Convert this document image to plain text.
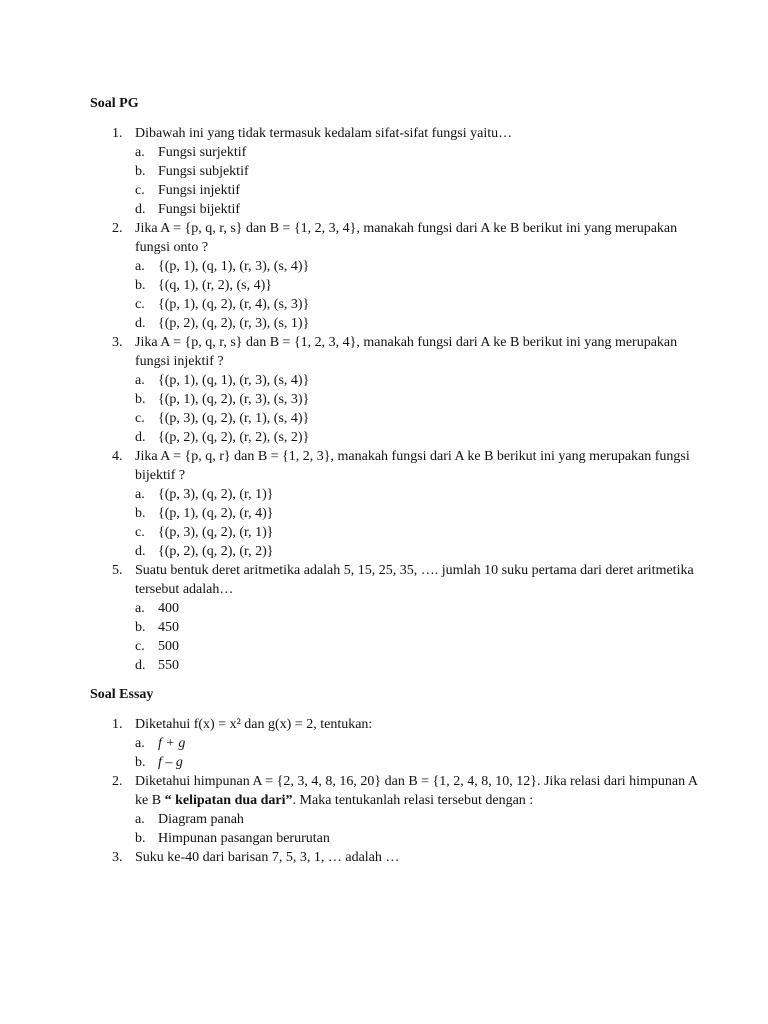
Soal PG
1. Dibawah ini yang tidak termasuk kedalam sifat-sifat fungsi yaitu…
a. Fungsi surjektif
b. Fungsi subjektif
c. Fungsi injektif
d. Fungsi bijektif
2. Jika A = {p, q, r, s} dan B = {1, 2, 3, 4}, manakah fungsi dari A ke B berikut ini yang merupakan fungsi onto ?
a. {(p, 1), (q, 1), (r, 3), (s, 4)}
b. {(q, 1), (r, 2), (s, 4)}
c. {(p, 1), (q, 2), (r, 4), (s, 3)}
d. {(p, 2), (q, 2), (r, 3), (s, 1)}
3. Jika A = {p, q, r, s} dan B = {1, 2, 3, 4}, manakah fungsi dari A ke B berikut ini yang merupakan fungsi injektif ?
a. {(p, 1), (q, 1), (r, 3), (s, 4)}
b. {(p, 1), (q, 2), (r, 3), (s, 3)}
c. {(p, 3), (q, 2), (r, 1), (s, 4)}
d. {(p, 2), (q, 2), (r, 2), (s, 2)}
4. Jika A = {p, q, r} dan B = {1, 2, 3}, manakah fungsi dari A ke B berikut ini yang merupakan fungsi bijektif ?
a. {(p, 3), (q, 2), (r, 1)}
b. {(p, 1), (q, 2), (r, 4)}
c. {(p, 3), (q, 2), (r, 1)}
d. {(p, 2), (q, 2), (r, 2)}
5. Suatu bentuk deret aritmetika adalah 5, 15, 25, 35, …. jumlah 10 suku pertama dari deret aritmetika tersebut adalah…
a. 400
b. 450
c. 500
d. 550
Soal Essay
1. Diketahui f(x) = x² dan g(x) = 2, tentukan:
a. f + g
b. f – g
2. Diketahui himpunan A = {2, 3, 4, 8, 16, 20} dan B = {1, 2, 4, 8, 10, 12}. Jika relasi dari himpunan A ke B “ kelipatan dua dari”. Maka tentukanlah relasi tersebut dengan :
a. Diagram panah
b. Himpunan pasangan berurutan
3. Suku ke-40 dari barisan 7, 5, 3, 1, … adalah …
